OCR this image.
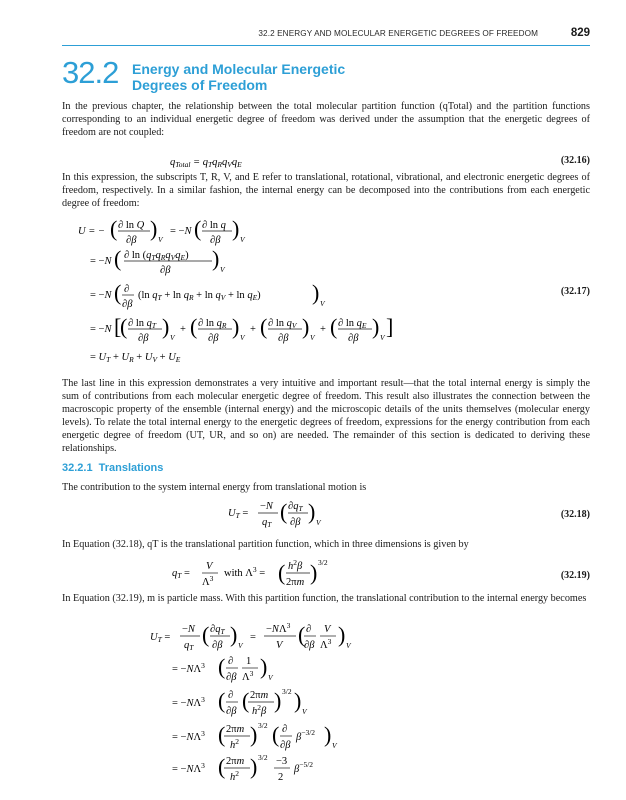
32.2 ENERGY AND MOLECULAR ENERGETIC DEGREES OF FREEDOM	829
32.2 Energy and Molecular Energetic
Degrees of Freedom

In the previous chapter, the relationship between the total molecular partition function (qTotal) and the partition functions corresponding to an individual energetic degree of freedom was derived under the assumption that the energetic degrees of freedom are not coupled:

qTotal = qTqRqVqE	(32.16)

In this expression, the subscripts T, R, V, and E refer to translational, rotational, vibrational, and electronic energetic degrees of freedom, respectively. In a similar fashion, the internal energy can be decomposed into the contributions from each energetic degree of freedom:

U = − ( ∂ ln Q
∂β ) V
= −N ( ∂ ln q
∂β ) V
= −N ( ∂ ln (qTqRqVqE)
∂β ) V
= −N ( ∂
∂β
(ln qT + ln qR + ln qV + ln qE) ) V
= −N [
( ∂ ln qT
∂β ) V
+ ( ∂ ln qR
∂β ) V
+ ( ∂ ln qV
∂β ) V
+ ( ∂ ln qE
∂β ) V ]
= UT + UR + UV + UE
(32.17)

The last line in this expression demonstrates a very intuitive and important result—that the total internal energy is simply the sum of contributions from each molecular energetic degree of freedom. This result also illustrates the connection between the macroscopic property of the ensemble (internal energy) and the microscopic details of the units themselves (molecular energy levels). To relate the total internal energy to the energetic degrees of freedom, expressions for the energy contribution from each energetic degree of freedom (UT, UR, and so on) are needed. The remainder of this section is dedicated to deriving these relationships.

32.2.1 Translations

The contribution to the system internal energy from translational motion is

UT =
−N
qT
( ∂qT
∂β ) V
(32.18)

In Equation (32.18), qT is the translational partition function, which in three dimensions is given by

qT =
V
$\Lambda^3$ with $\Lambda^3$ = ( $h^2\beta$
2πm ) 3/2
(32.19)

In Equation (32.19), m is particle mass. With this partition function, the translational contribution to the internal energy becomes

UT =
−N
qT
( ∂qT
∂β ) V
=
$-N\Lambda^3$
V ( ∂
∂β
V
$\Lambda^3$ ) V
= $-N\Lambda^3$ ( ∂
∂β
1
$\Lambda^3$ ) V
= $-N\Lambda^3$ ( ∂
∂β ( 2πm
$h^2\beta$ ) 3/2 ) V
= $-N\Lambda^3$ ( 2πm
$h^2$ ) 3/2 ( ∂
∂β
$\beta^{-3/2}$ ) V
= $-N\Lambda^3$ ( 2πm
$h^2$ ) 3/2 −3
2
$\beta^{-5/2}$
